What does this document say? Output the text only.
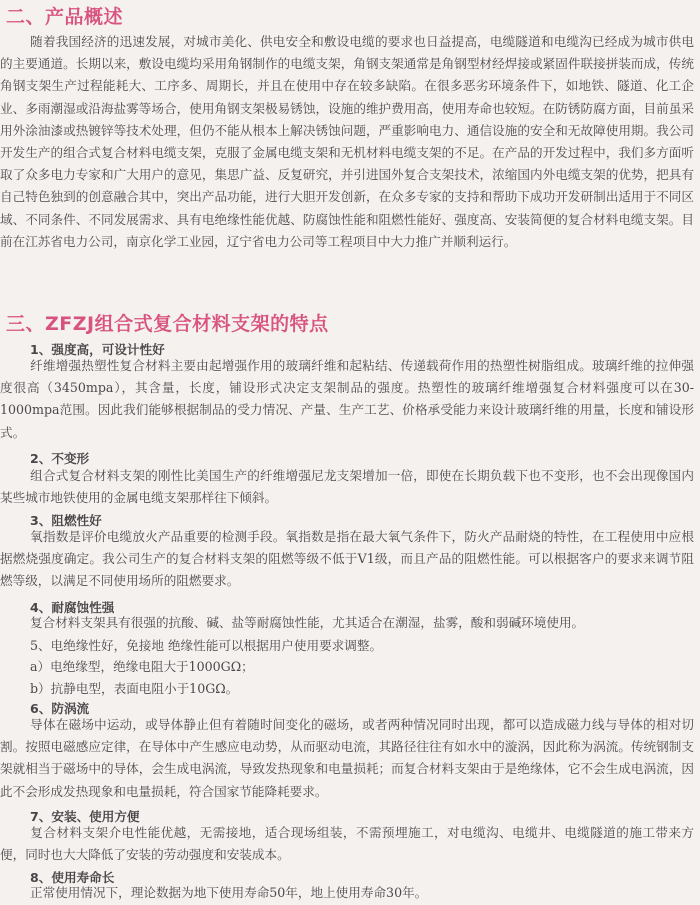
二、产品概述

随着我国经济的迅速发展，对城市美化、供电安全和敷设电缆的要求也日益提高，电缆隧道和电缆沟已经成为城市供电的主要通道。长期以来，敷设电缆均采用角钢制作的电缆支架，角钢支架通常是角钢型材经焊接或紧固件联接拼装而成，传统角钢支架生产过程能耗大、工序多、周期长，并且在使用中存在较多缺陷。在很多恶劣环境条件下，如地铁、隧道、化工企业、多雨潮湿或沿海盐雾等场合，使用角钢支架极易锈蚀，设施的维护费用高，使用寿命也较短。在防锈防腐方面，目前虽采用外涂油漆或热镀锌等技术处理，但仍不能从根本上解决锈蚀问题，严重影响电力、通信设施的安全和无故障使用期。我公司开发生产的组合式复合材料电缆支架，克服了金属电缆支架和无机材料电缆支架的不足。在产品的开发过程中，我们多方面听取了众多电力专家和广大用户的意见，集思广益、反复研究，并引进国外复合支架技术，浓缩国内外电缆支架的优势，把具有自己特色独到的创意融合其中，突出产品功能，进行大胆开发创新，在众多专家的支持和帮助下成功开发研制出适用于不同区域、不同条件、不同发展需求、具有电绝缘性能优越、防腐蚀性能和阻燃性能好、强度高、安装简便的复合材料电缆支架。目前在江苏省电力公司，南京化学工业园，辽宁省电力公司等工程项目中大力推广并顺利运行。

三、ZFZJ组合式复合材料支架的特点
1、强度高，可设计性好

纤维增强热塑性复合材料主要由起增强作用的玻璃纤维和起粘结、传递载荷作用的热塑性树脂组成。玻璃纤维的拉伸强度很高（3450mpa），其含量，长度，铺设形式决定支架制品的强度。热塑性的玻璃纤维增强复合材料强度可以在30-1000mpa范围。因此我们能够根据制品的受力情况、产量、生产工艺、价格承受能力来设计玻璃纤维的用量，长度和铺设形式。

2、不变形

组合式复合材料支架的刚性比美国生产的纤维增强尼龙支架增加一倍，即使在长期负载下也不变形，也不会出现像国内某些城市地铁使用的金属电缆支架那样往下倾斜。

3、阻燃性好

氧指数是评价电缆放火产品重要的检测手段。氧指数是指在最大氧气条件下，防火产品耐烧的特性，在工程使用中应根据燃烧强度确定。我公司生产的复合材料支架的阻燃等级不低于V1级，而且产品的阻燃性能。可以根据客户的要求来调节阻燃等级，以满足不同使用场所的阻燃要求。

4、耐腐蚀性强

复合材料支架具有很强的抗酸、碱、盐等耐腐蚀性能，尤其适合在潮湿，盐雾，酸和弱碱环境使用。

5、电绝缘性好，免接地 绝缘性能可以根据用户使用要求调整。
a）电绝缘型，绝缘电阻大于1000GΩ；
b）抗静电型，表面电阻小于10GΩ。
6、防涡流

导体在磁场中运动，或导体静止但有着随时间变化的磁场，或者两种情况同时出现，都可以造成磁力线与导体的相对切割。按照电磁感应定律，在导体中产生感应电动势，从而驱动电流，其路径往往有如水中的漩涡，因此称为涡流。传统钢制支架就相当于磁场中的导体，会生成电涡流，导致发热现象和电量损耗；而复合材料支架由于是绝缘体，它不会生成电涡流，因此不会形成发热现象和电量损耗，符合国家节能降耗要求。

7、安装、使用方便

复合材料支架介电性能优越，无需接地，适合现场组装，不需预埋施工，对电缆沟、电缆井、电缆隧道的施工带来方便，同时也大大降低了安装的劳动强度和安装成本。

8、使用寿命长

正常使用情况下，理论数据为地下使用寿命50年，地上使用寿命30年。
